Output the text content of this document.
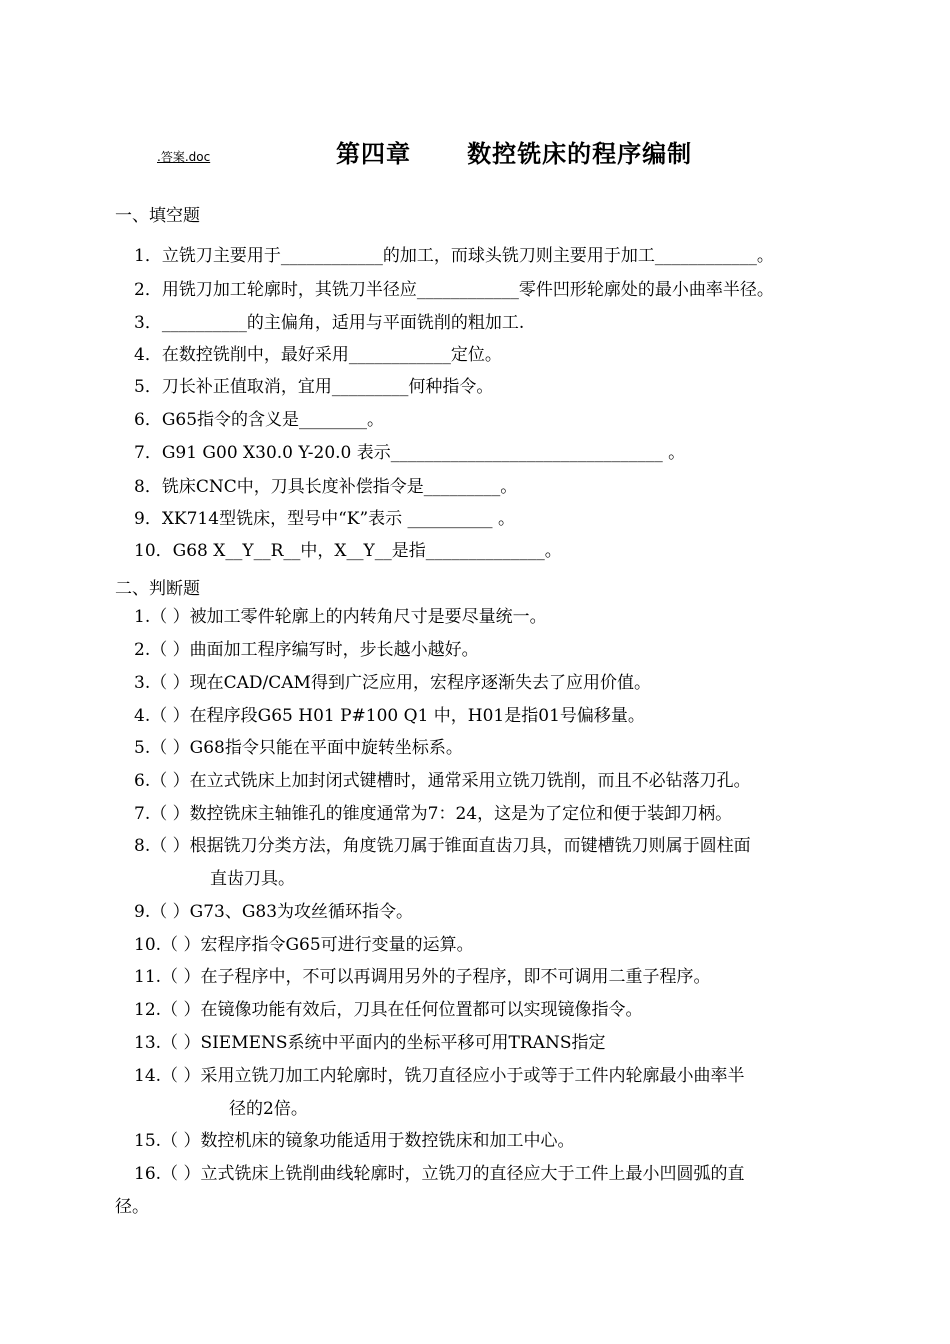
.答案.doc	第四章      数控铣床的程序编制
一、填空题
1．立铣刀主要用于____________的加工，而球头铣刀则主要用于加工____________。
2．用铣刀加工轮廓时，其铣刀半径应____________零件凹形轮廓处的最小曲率半径。
3．__________的主偏角，适用与平面铣削的粗加工.
4．在数控铣削中，最好采用____________定位。
5．刀长补正值取消，宜用_________何种指令。
6．G65指令的含义是________。
7．G91 G00 X30.0 Y-20.0 表示________________________________ 。
8．铣床CNC中，刀具长度补偿指令是_________。
9．XK714型铣床，型号中“K”表示 __________ 。
10．G68 X__Y__R__中，X__Y__是指______________。
二、判断题
1.（ ）被加工零件轮廓上的内转角尺寸是要尽量统一。
2.（ ）曲面加工程序编写时，步长越小越好。
3.（ ）现在CAD/CAM得到广泛应用，宏程序逐渐失去了应用价值。
4.（ ）在程序段G65 H01 P#100 Q1 中，H01是指01号偏移量。
5.（ ）G68指令只能在平面中旋转坐标系。
6.（ ）在立式铣床上加封闭式键槽时，通常采用立铣刀铣削，而且不必钻落刀孔。
7.（ ）数控铣床主轴锥孔的锥度通常为7：24，这是为了定位和便于装卸刀柄。
8.（ ）根据铣刀分类方法，角度铣刀属于锥面直齿刀具，而键槽铣刀则属于圆柱面
直齿刀具。
9.（ ）G73、G83为攻丝循环指令。
10.（ ）宏程序指令G65可进行变量的运算。
11.（ ）在子程序中，不可以再调用另外的子程序，即不可调用二重子程序。
12.（ ）在镜像功能有效后，刀具在任何位置都可以实现镜像指令。
13.（ ）SIEMENS系统中平面内的坐标平移可用TRANS指定
14.（ ）采用立铣刀加工内轮廓时，铣刀直径应小于或等于工件内轮廓最小曲率半
径的2倍。
15.（ ）数控机床的镜象功能适用于数控铣床和加工中心。
16.（ ）立式铣床上铣削曲线轮廓时，立铣刀的直径应大于工件上最小凹圆弧的直
径。
